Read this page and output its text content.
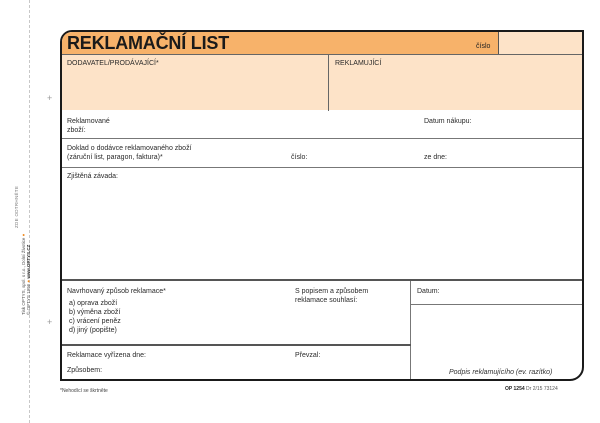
+
+
ZDE ODTRHNĚTE
Tisk OPTYS, spol. s r.o., Dolní Životice ●
© OPTYS 1996 ● www.OPTYS.CZ
REKLAMAČNÍ LIST	číslo
DODAVATEL/PRODÁVAJÍCÍ*	REKLAMUJÍCÍ
Reklamované
zboží:
Datum nákupu:
Doklad o dodávce reklamovaného zboží
(záruční list, paragon, faktura)*	číslo:	ze dne:
Zjištěná závada:
Navrhovaný způsob reklamace*
a) oprava zboží
b) výměna zboží
c) vrácení peněz
d) jiný (popište)
S popisem a způsobem
reklamace souhlasí:
Datum:
Reklamace vyřízena dne:	Převzal:
Způsobem:	Podpis reklamujícího (ev. razítko)
*Nehodící se škrtněte	OP 1254 Dr 2/15 73124
